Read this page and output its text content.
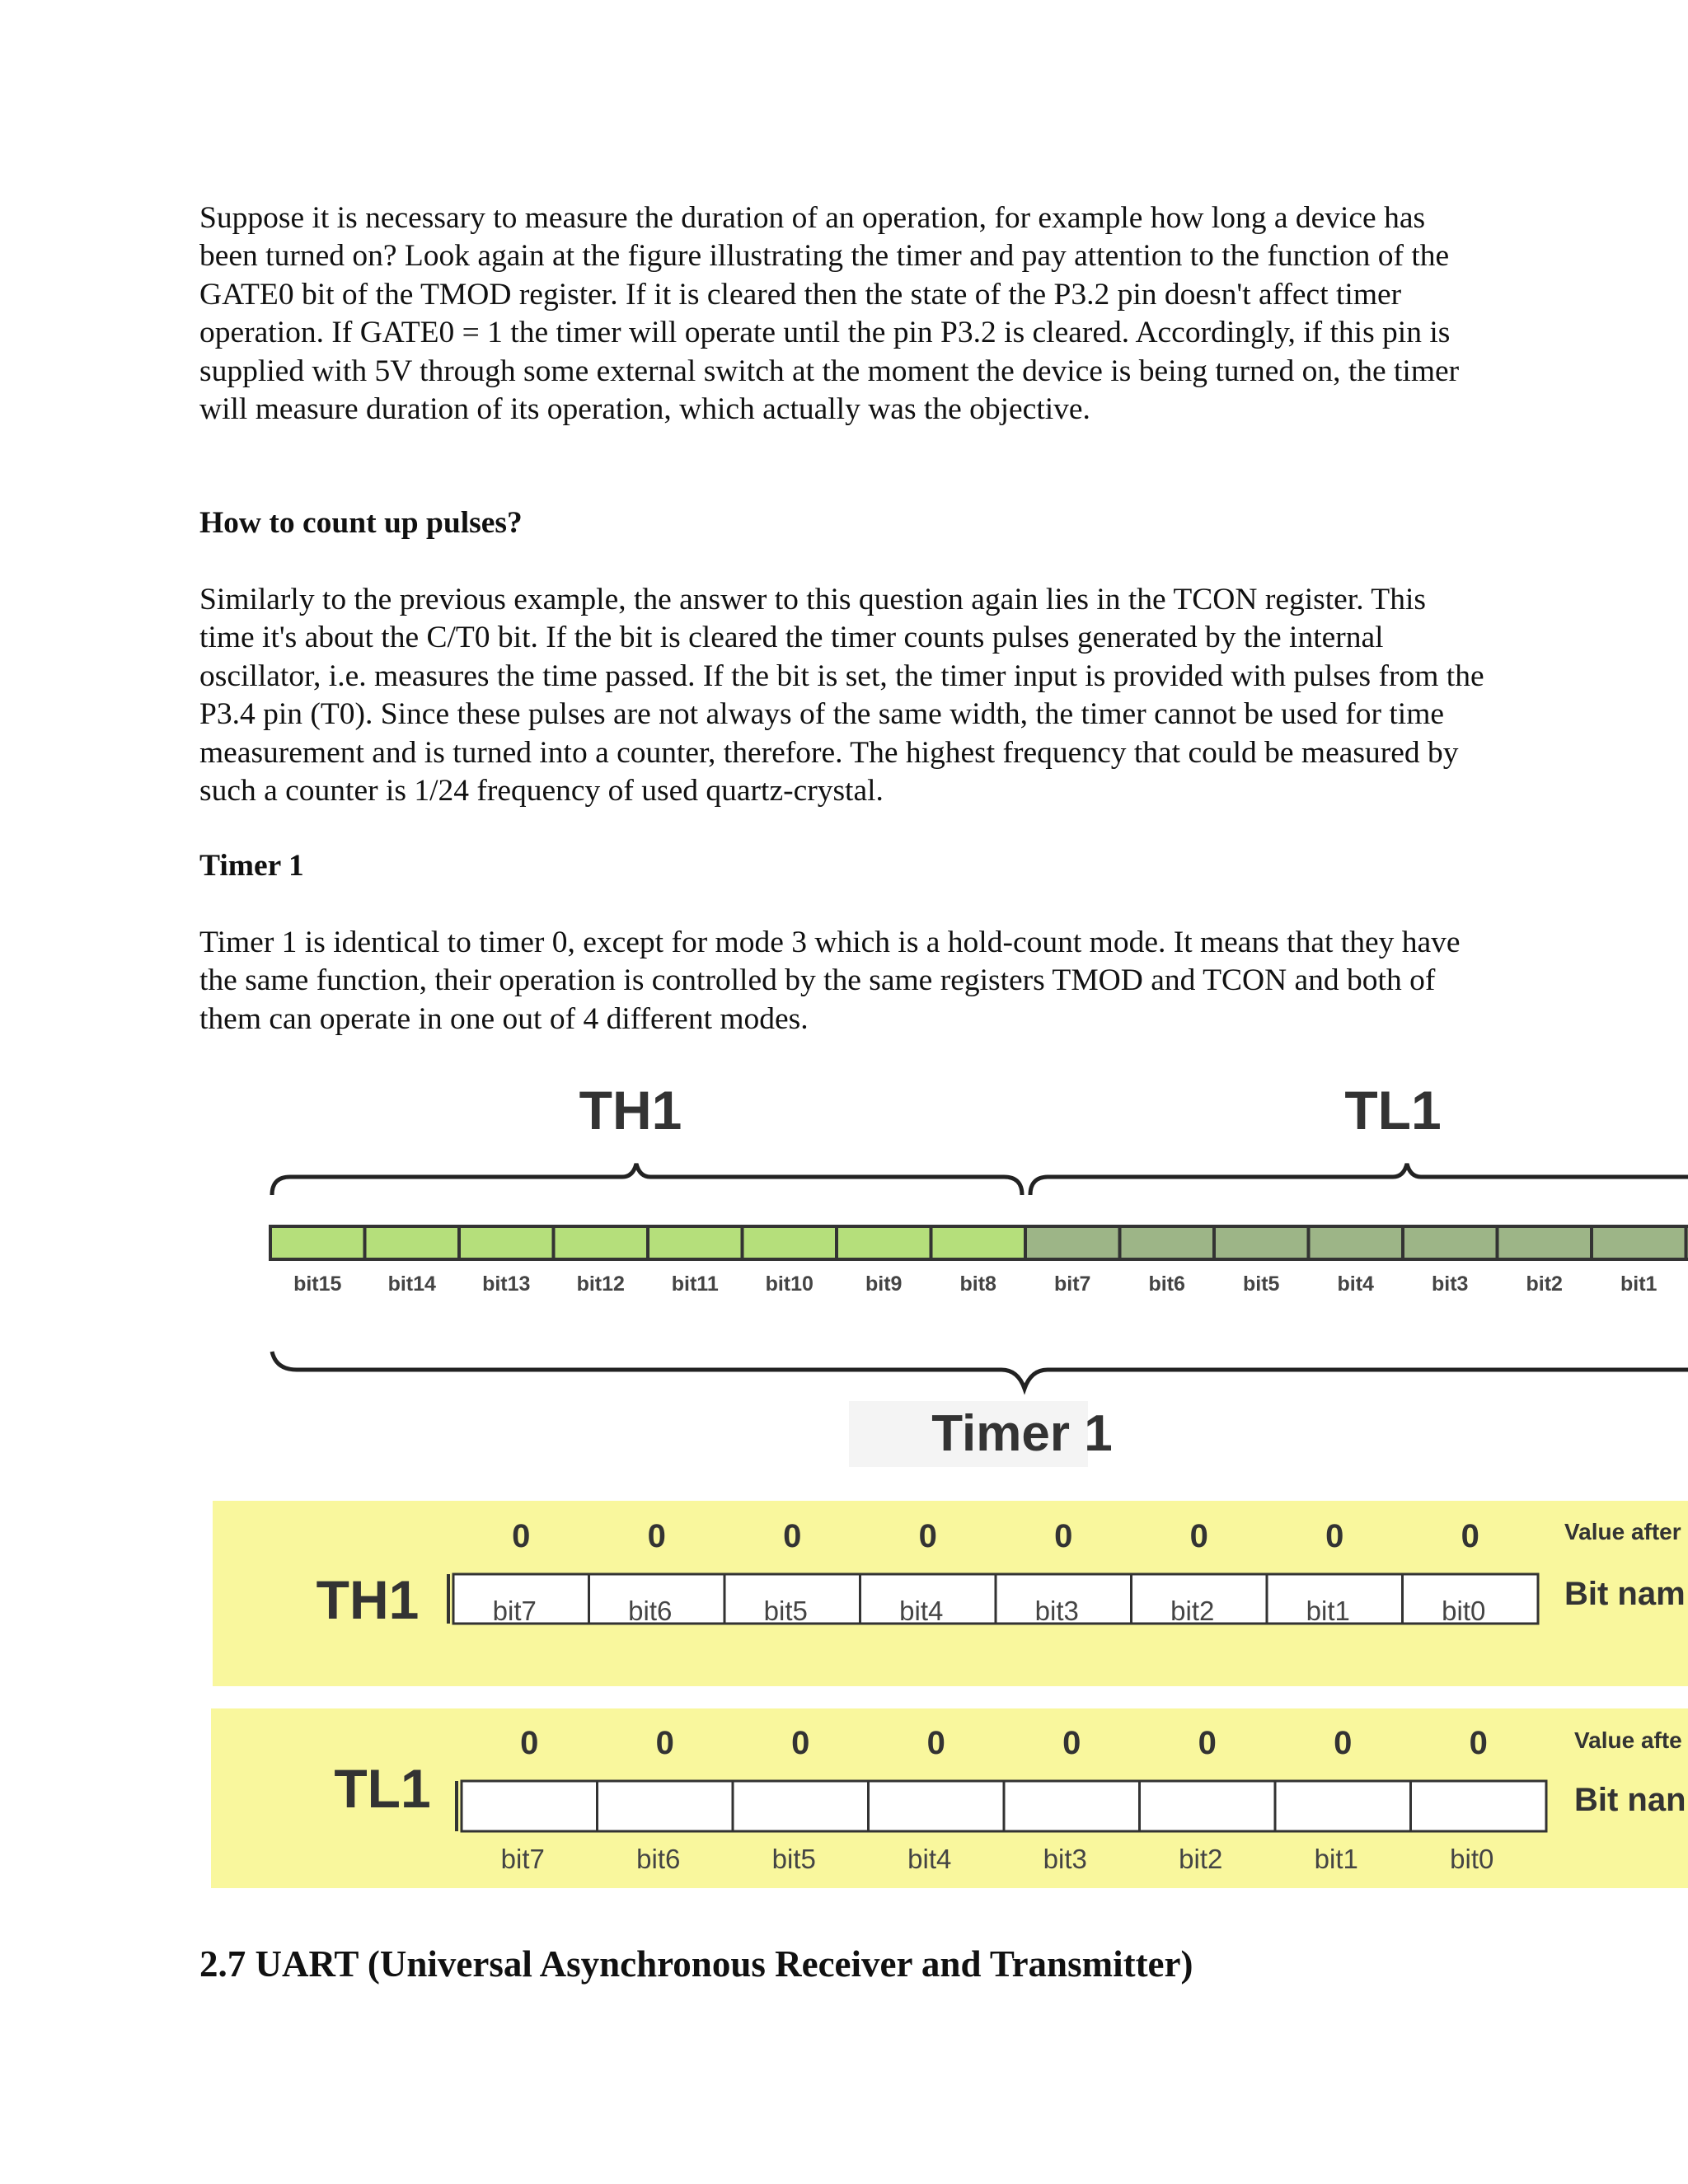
Suppose it is necessary to measure the duration of an operation, for example how long a device has been turned on? Look again at the figure illustrating the timer and pay attention to the function of the GATE0 bit of the TMOD register. If it is cleared then the state of the P3.2 pin doesn't affect timer operation. If GATE0 = 1 the timer will operate until the pin P3.2 is cleared. Accordingly, if this pin is supplied with 5V through some external switch at the moment the device is being turned on, the timer will measure duration of its operation, which actually was the objective.

How to count up pulses?

Similarly to the previous example, the answer to this question again lies in the TCON register. This time it's about the C/T0 bit. If the bit is cleared the timer counts pulses generated by the internal oscillator, i.e. measures the time passed. If the bit is set, the timer input is provided with pulses from the P3.4 pin (T0). Since these pulses are not always of the same width, the timer cannot be used for time measurement and is turned into a counter, therefore. The highest frequency that could be measured by such a counter is 1/24 frequency of used quartz-crystal.

Timer 1

Timer 1 is identical to timer 0, except for mode 3 which is a hold-count mode. It means that they have the same function, their operation is controlled by the same registers TMOD and TCON and both of them can operate in one out of 4 different modes.

TH1	TL1
bit15 bit14 bit13 bit12 bit11 bit10	bit9	bit8	bit7	bit6	bit5	bit4	bit3	bit2	bit1
Timer 1
TH1
0	0	0	0	0	0	0	0
bit7	bit6	bit5	bit4	bit3	bit2	bit1	bit0
Value after
Bit nam
TL1
0	0	0	0	0	0	0	0
bit7	bit6	bit5	bit4	bit3	bit2	bit1	bit0
Value afte
Bit nan
2.7 UART (Universal Asynchronous Receiver and Transmitter)
